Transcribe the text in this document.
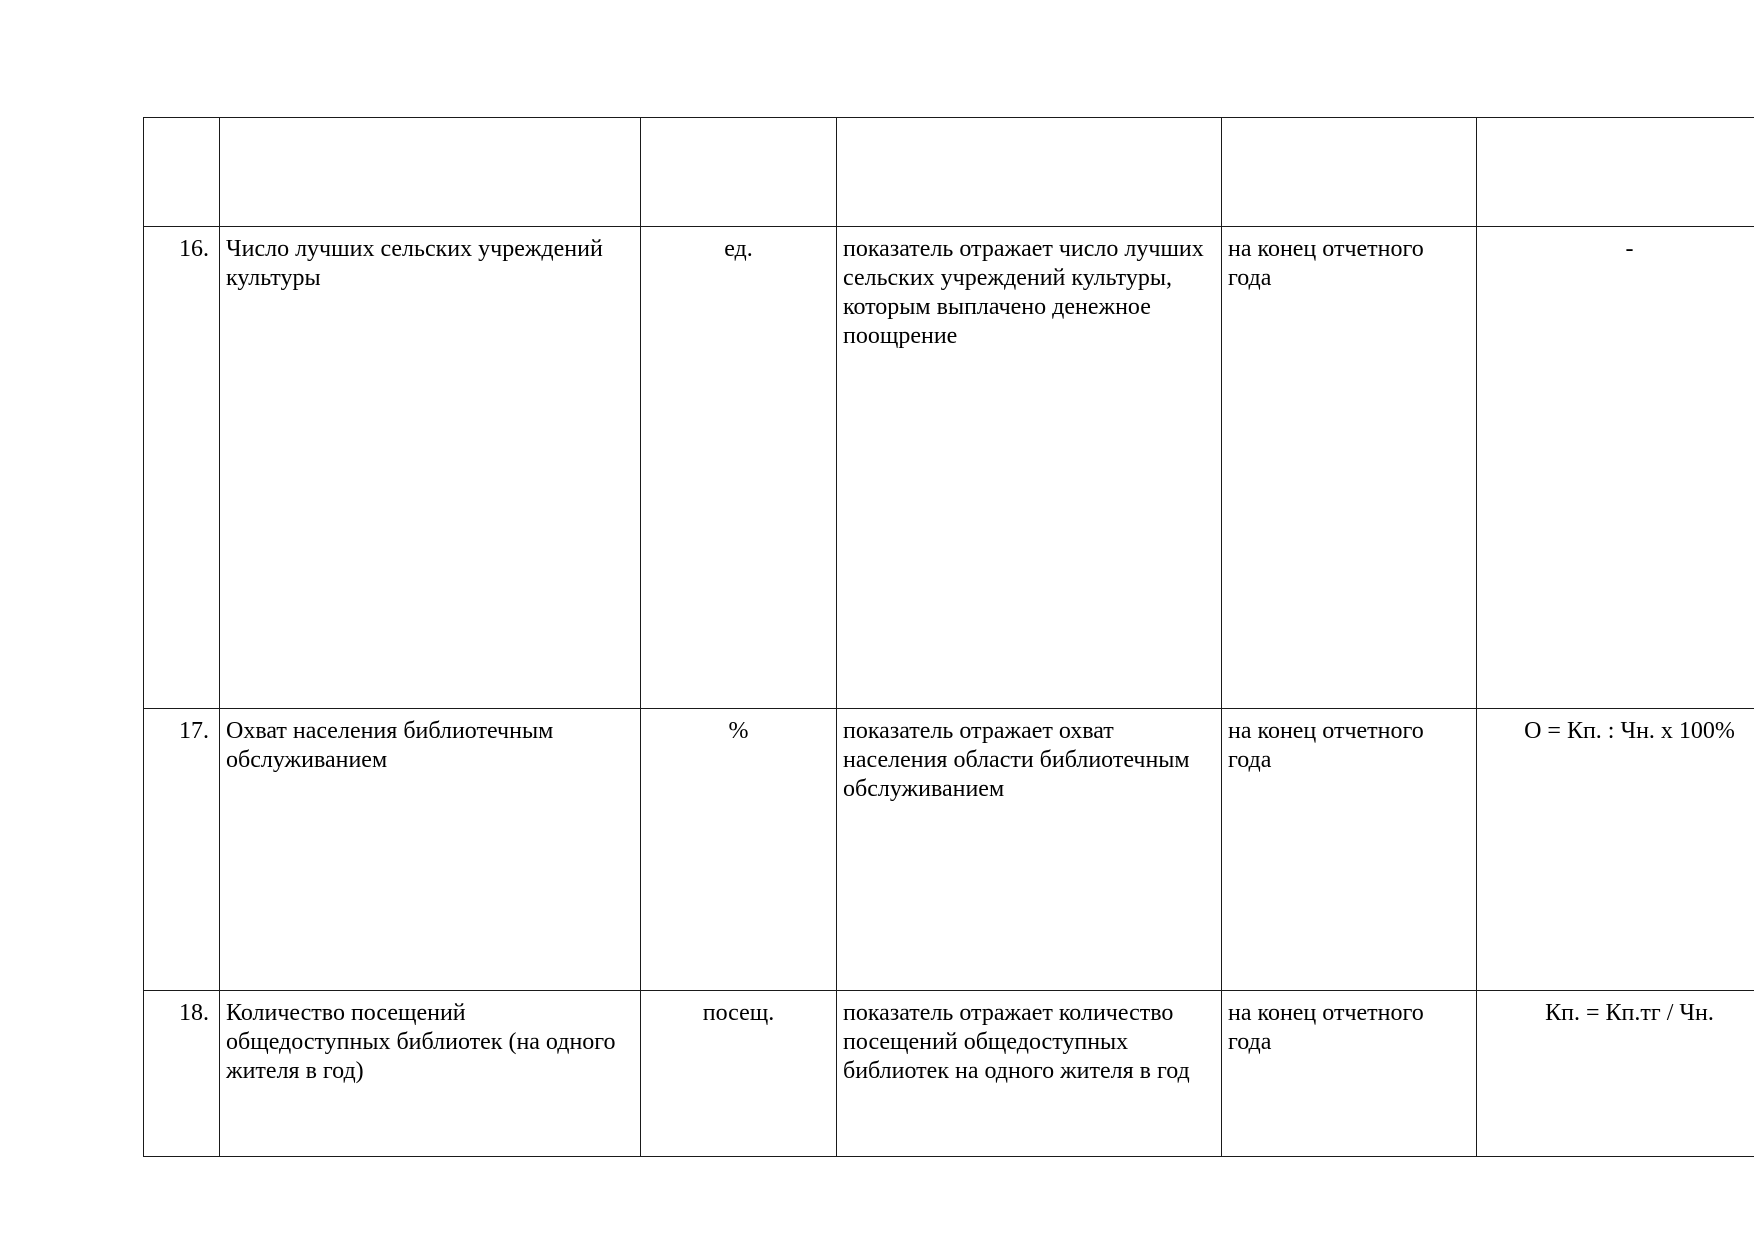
16.	Число лучших сельских учреждений культуры	ед.	показатель отражает число лучших сельских учреждений культуры, которым выплачено денежное поощрение	на конец отчетного года	-
17.	Охват населения библиотечным обслуживанием	%	показатель отражает охват населения области библиотечным обслуживанием	на конец отчетного года	О = Кп. : Чн. х 100%
18.	Количество посещений общедоступных библиотек (на одного жителя в год)	посещ.	показатель отражает количество посещений общедоступных библиотек на одного жителя в год	на конец отчетного года	Кп. = Кп.тг / Чн.
